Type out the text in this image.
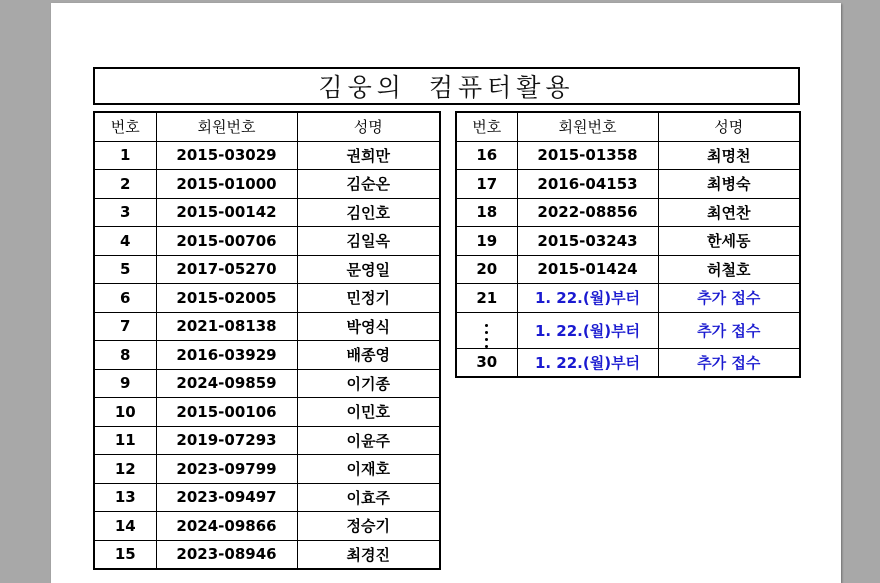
김웅의 컴퓨터활용
번호	회원번호	성명
1	2015-03029	권희만
2	2015-01000	김순온
3	2015-00142	김인호
4	2015-00706	김일옥
5	2017-05270	문영일
6	2015-02005	민정기
7	2021-08138	박영식
8	2016-03929	배종영
9	2024-09859	이기종
10	2015-00106	이민호
11	2019-07293	이윤주
12	2023-09799	이재호
13	2023-09497	이효주
14	2024-09866	정승기
15	2023-08946	최경진
번호	회원번호	성명
16	2015-01358	최명천
17	2016-04153	최병숙
18	2022-08856	최연찬
19	2015-03243	한세동
20	2015-01424	허철호
21	1. 22.(월)부터	추가 접수

	1. 22.(월)부터	추가 접수

30	1. 22.(월)부터	추가 접수
